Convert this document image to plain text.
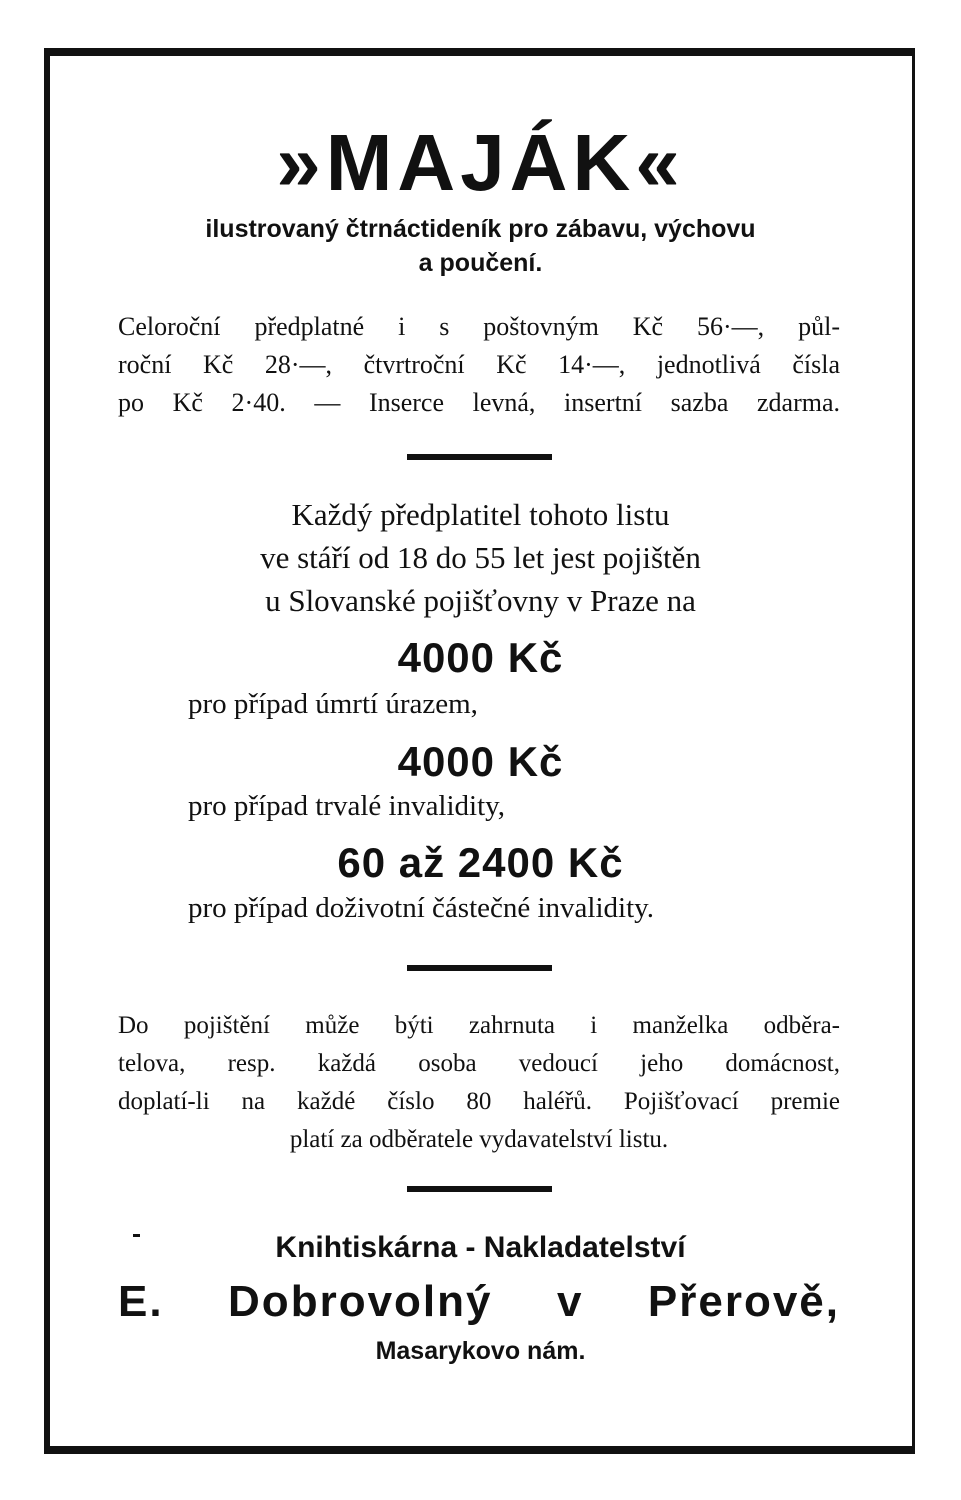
»MAJÁK«
ilustrovaný čtrnáctideník pro zábavu, výchovu
a poučení.
Celoroční předplatné i s poštovným Kč 56·—, půl-
roční Kč 28·—, čtvrtroční Kč 14·—, jednotlivá čísla
po Kč 2·40. — Inserce levná, insertní sazba zdarma.
Každý předplatitel tohoto listu
ve stáří od 18 do 55 let jest pojištěn
u Slovanské pojišťovny v Praze na
4000 Kč
pro případ úmrtí úrazem,
4000 Kč
pro případ trvalé invalidity,
60 až 2400 Kč
pro případ doživotní částečné invalidity.
Do pojištění může býti zahrnuta i manželka odběra-
telova, resp. každá osoba vedoucí jeho domácnost,
doplatí-li na každé číslo 80 haléřů. Pojišťovací premie
platí za odběratele vydavatelství listu.
Knihtiskárna - Nakladatelství
E. Dobrovolný v Přerově,
Masarykovo nám.
